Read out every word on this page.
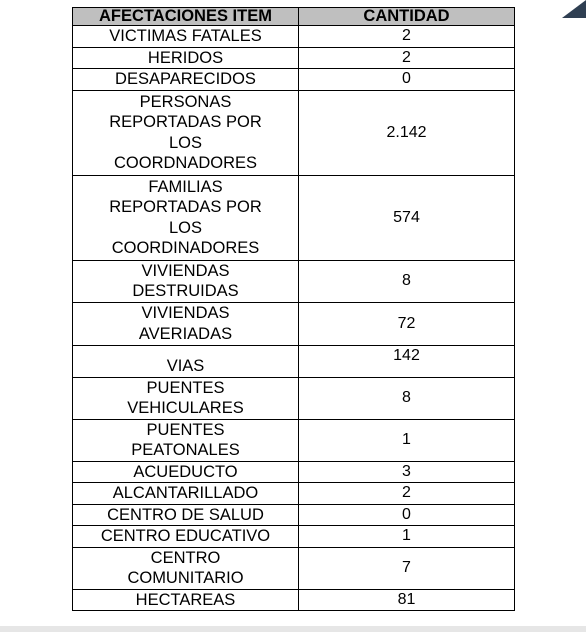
AFECTACIONES ITEM	CANTIDAD
VICTIMAS FATALES	2
HERIDOS	2
DESAPARECIDOS	0
PERSONAS REPORTADAS POR LOS COORDNADORES	2.142
FAMILIAS REPORTADAS POR LOS COORDINADORES	574
VIVIENDAS DESTRUIDAS	8
VIVIENDAS AVERIADAS	72
VIAS	142
PUENTES VEHICULARES	8
PUENTES PEATONALES	1
ACUEDUCTO	3
ALCANTARILLADO	2
CENTRO DE SALUD	0
CENTRO EDUCATIVO	1
CENTRO COMUNITARIO	7
HECTAREAS	81
